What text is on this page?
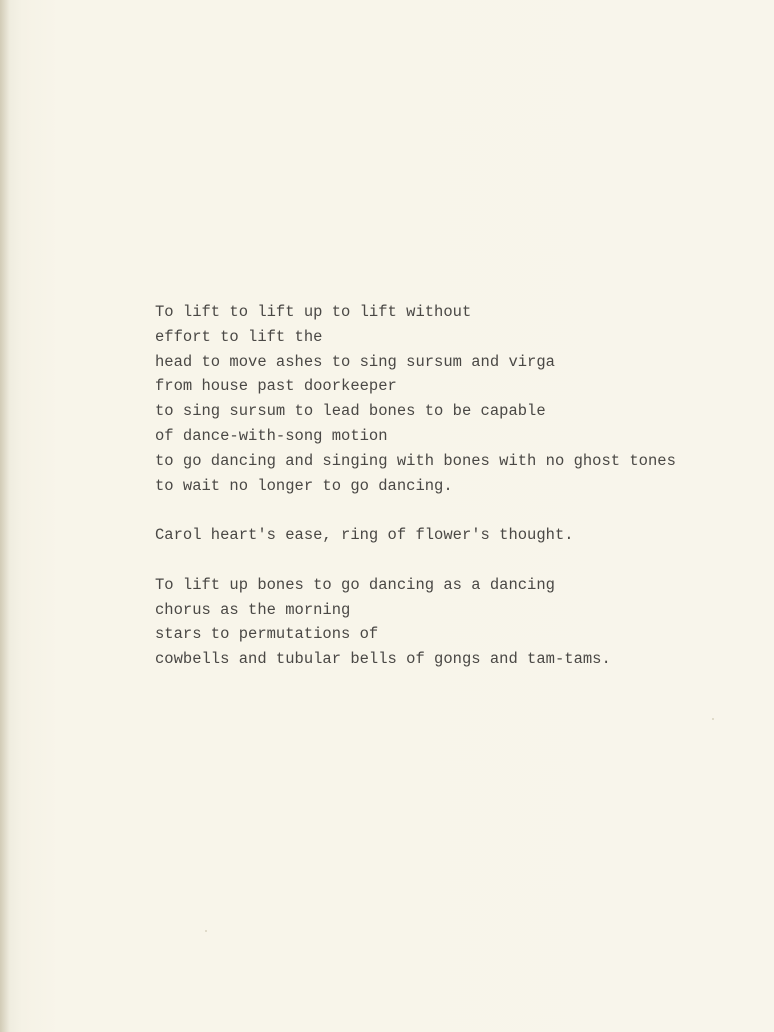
To lift to lift up to lift without
effort to lift the
head to move ashes to sing sursum and virga
from house past doorkeeper
to sing sursum to lead bones to be capable
of dance-with-song motion
to go dancing and singing with bones with no ghost tones
to wait no longer to go dancing.
Carol heart's ease, ring of flower's thought.
To lift up bones to go dancing as a dancing
chorus as the morning
stars to permutations of
cowbells and tubular bells of gongs and tam-tams.
